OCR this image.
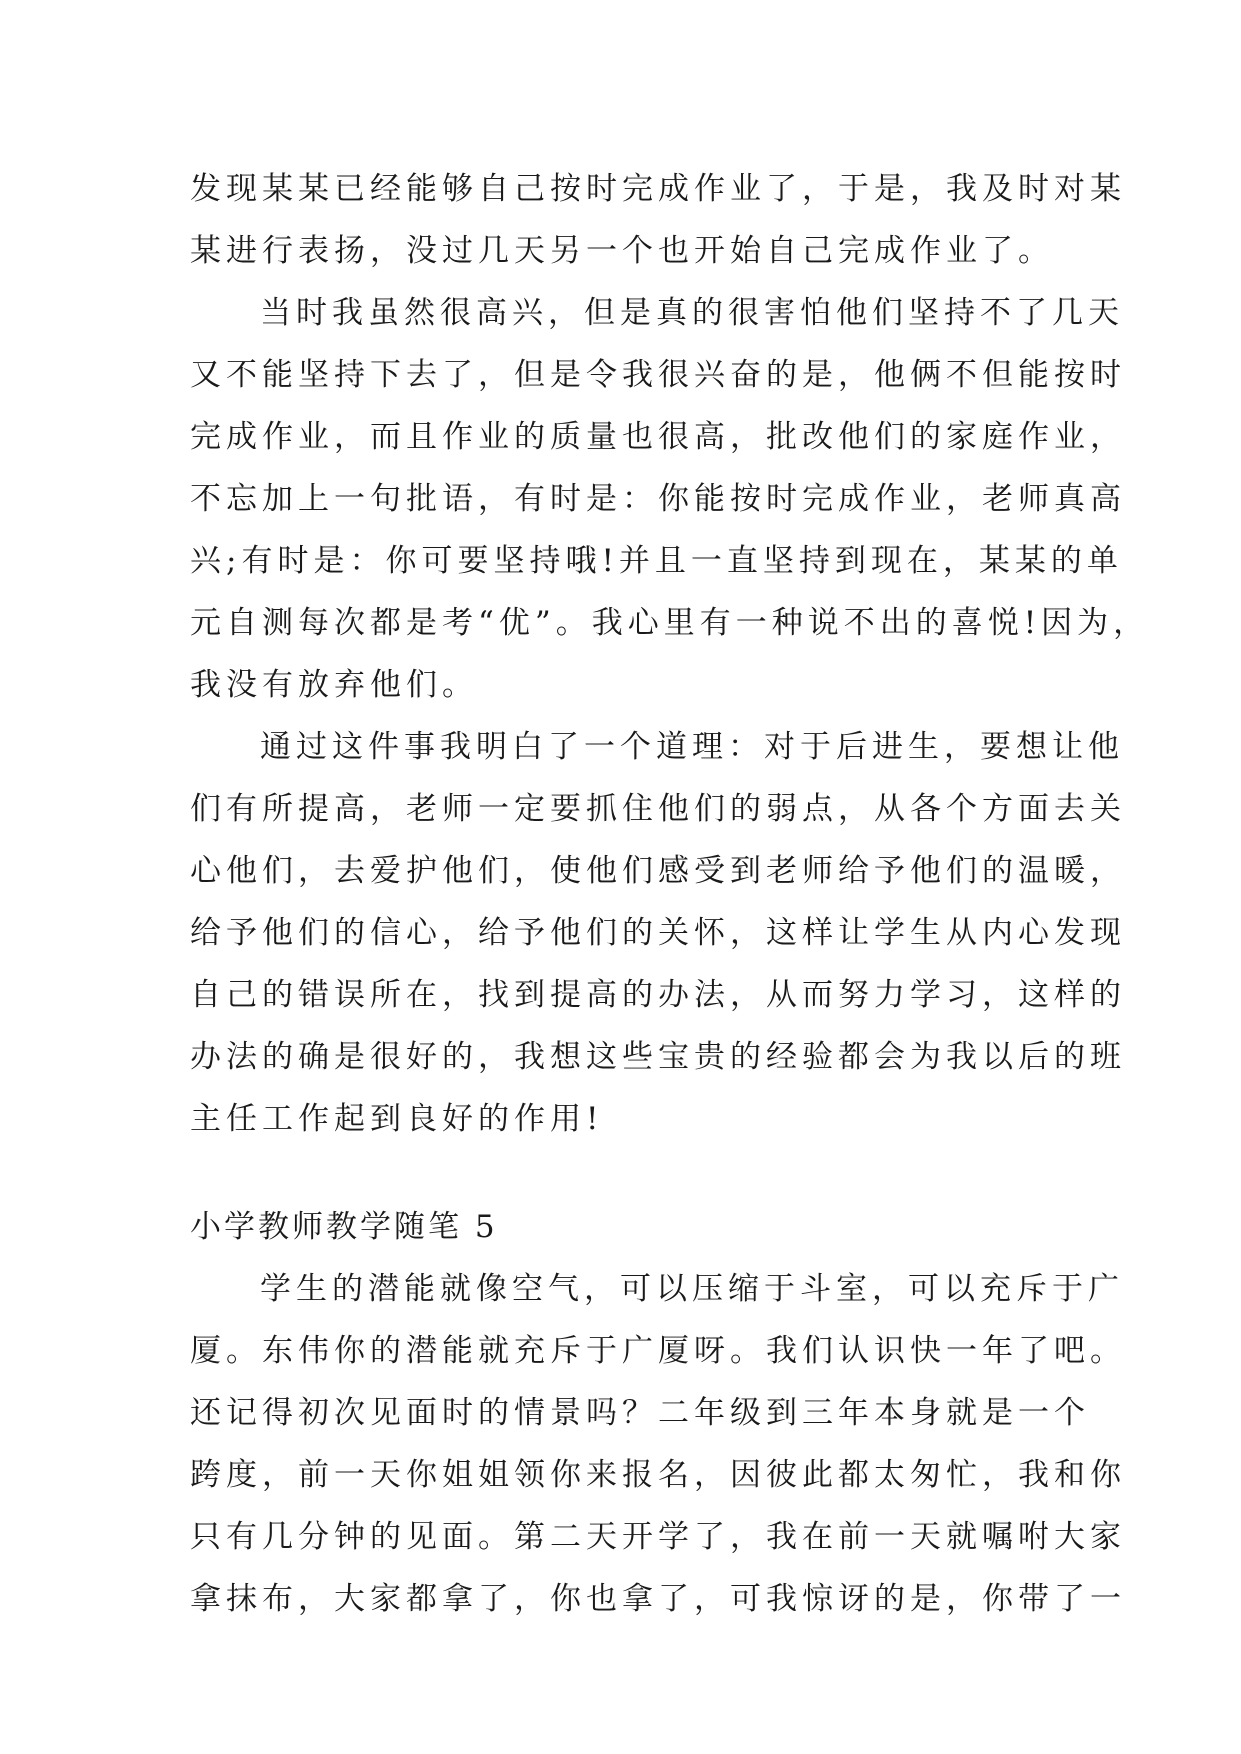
发现某某已经能够自己按时完成作业了，于是，我及时对某
某进行表扬，没过几天另一个也开始自己完成作业了。
当时我虽然很高兴，但是真的很害怕他们坚持不了几天
又不能坚持下去了，但是令我很兴奋的是，他俩不但能按时
完成作业，而且作业的质量也很高，批改他们的家庭作业，
不忘加上一句批语，有时是：你能按时完成作业，老师真高
兴;有时是：你可要坚持哦!并且一直坚持到现在，某某的单
元自测每次都是考“优”。我心里有一种说不出的喜悦!因为，
我没有放弃他们。
通过这件事我明白了一个道理：对于后进生，要想让他
们有所提高，老师一定要抓住他们的弱点，从各个方面去关
心他们，去爱护他们，使他们感受到老师给予他们的温暖，
给予他们的信心，给予他们的关怀，这样让学生从内心发现
自己的错误所在，找到提高的办法，从而努力学习，这样的
办法的确是很好的，我想这些宝贵的经验都会为我以后的班
主任工作起到良好的作用!
小学教师教学随笔 5
学生的潜能就像空气，可以压缩于斗室，可以充斥于广
厦。东伟你的潜能就充斥于广厦呀。我们认识快一年了吧。
还记得初次见面时的情景吗？二年级到三年本身就是一个
跨度，前一天你姐姐领你来报名，因彼此都太匆忙，我和你
只有几分钟的见面。第二天开学了，我在前一天就嘱咐大家
拿抹布，大家都拿了，你也拿了，可我惊讶的是，你带了一
